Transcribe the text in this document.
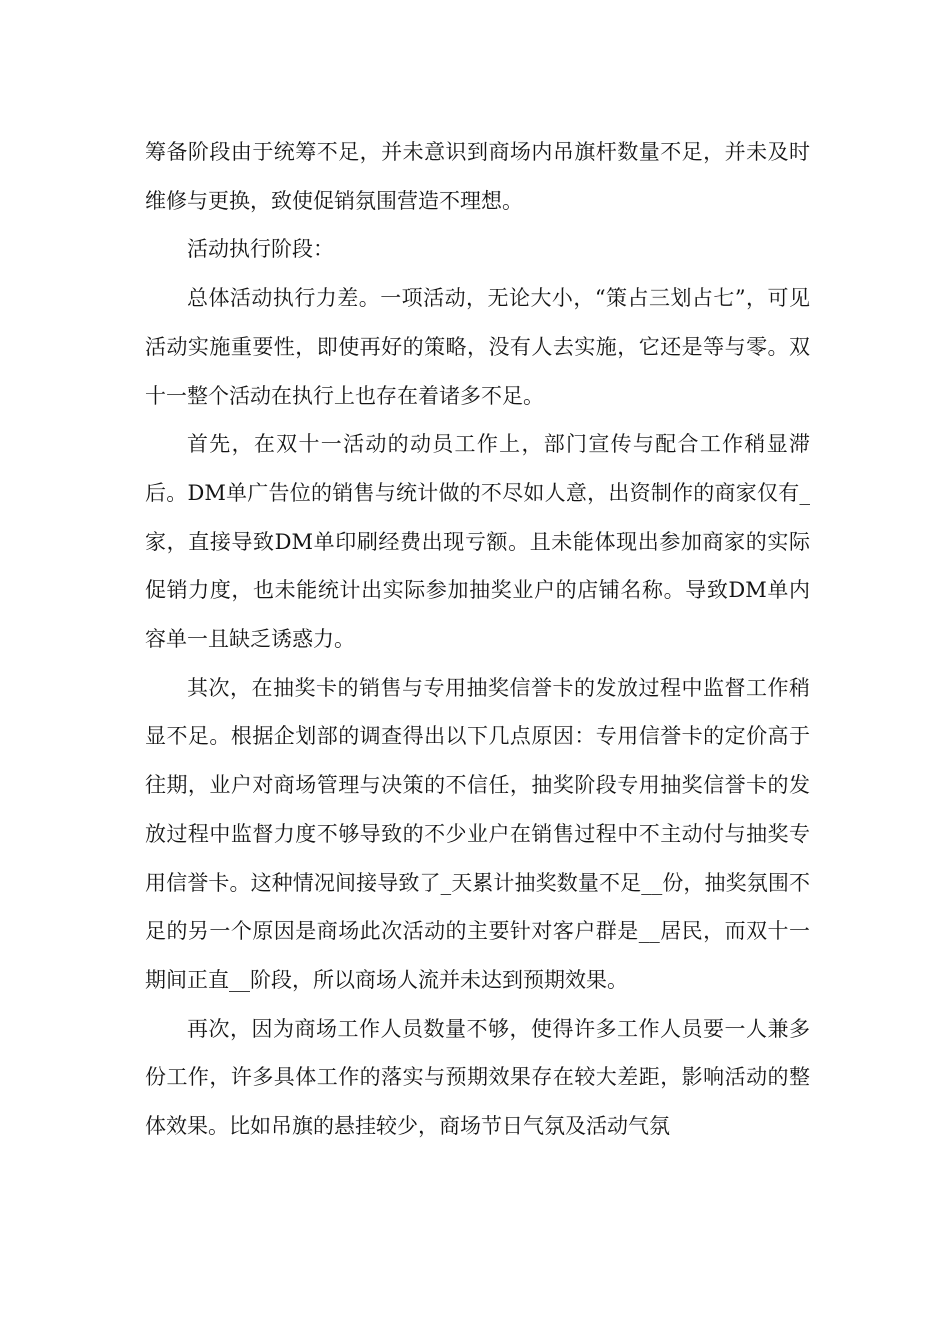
筹备阶段由于统筹不足，并未意识到商场内吊旗杆数量不足，并未及时维修与更换，致使促销氛围营造不理想。

活动执行阶段：

总体活动执行力差。一项活动，无论大小，“策占三划占七”，可见活动实施重要性，即使再好的策略，没有人去实施，它还是等与零。双十一整个活动在执行上也存在着诸多不足。

首先，在双十一活动的动员工作上，部门宣传与配合工作稍显滞后。DM单广告位的销售与统计做的不尽如人意，出资制作的商家仅有_家，直接导致DM单印刷经费出现亏额。且未能体现出参加商家的实际促销力度，也未能统计出实际参加抽奖业户的店铺名称。导致DM单内容单一且缺乏诱惑力。

其次，在抽奖卡的销售与专用抽奖信誉卡的发放过程中监督工作稍显不足。根据企划部的调查得出以下几点原因：专用信誉卡的定价高于往期，业户对商场管理与决策的不信任，抽奖阶段专用抽奖信誉卡的发放过程中监督力度不够导致的不少业户在销售过程中不主动付与抽奖专用信誉卡。这种情况间接导致了_天累计抽奖数量不足__份，抽奖氛围不足的另一个原因是商场此次活动的主要针对客户群是__居民，而双十一期间正直__阶段，所以商场人流并未达到预期效果。

再次，因为商场工作人员数量不够，使得许多工作人员要一人兼多份工作，许多具体工作的落实与预期效果存在较大差距，影响活动的整体效果。比如吊旗的悬挂较少，商场节日气氛及活动气氛
